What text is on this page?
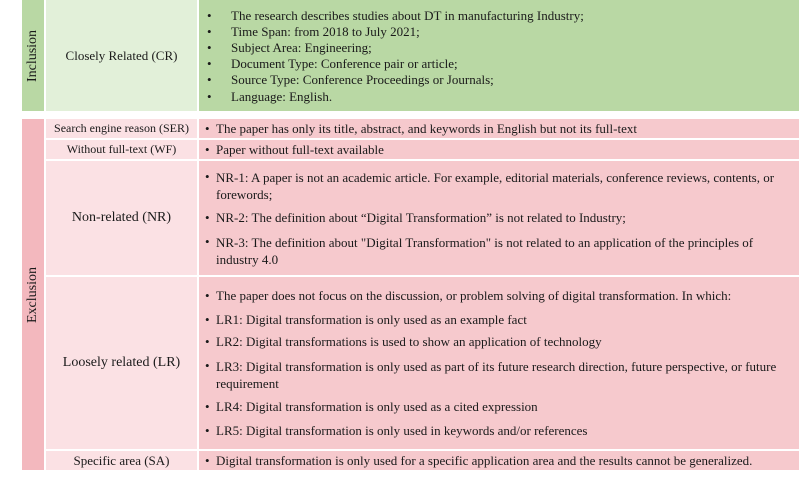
Inclusion Closely Related (CR)
• The research describes studies about DT in manufacturing Industry;
• Time Span: from 2018 to July 2021;
• Subject Area: Engineering;
• Document Type: Conference pair or article;
• Source Type: Conference Proceedings or Journals;
• Language: English.
Exclusion
Search engine reason (SER) • The paper has only its title, abstract, and keywords in English but not its full-text
Without full-text (WF) • Paper without full-text available
Non-related (NR)
• NR-1: A paper is not an academic article. For example, editorial materials, conference reviews, contents, or forewords;
• NR-2: The definition about “Digital Transformation” is not related to Industry;
• NR-3: The definition about "Digital Transformation" is not related to an application of the principles of industry 4.0
Loosely related (LR)
• The paper does not focus on the discussion, or problem solving of digital transformation. In which:
• LR1: Digital transformation is only used as an example fact
• LR2: Digital transformations is used to show an application of technology
• LR3: Digital transformation is only used as part of its future research direction, future perspective, or future requirement
• LR4: Digital transformation is only used as a cited expression
• LR5: Digital transformation is only used in keywords and/or references
Specific area (SA)	• Digital transformation is only used for a specific application area and the results cannot be generalized.
